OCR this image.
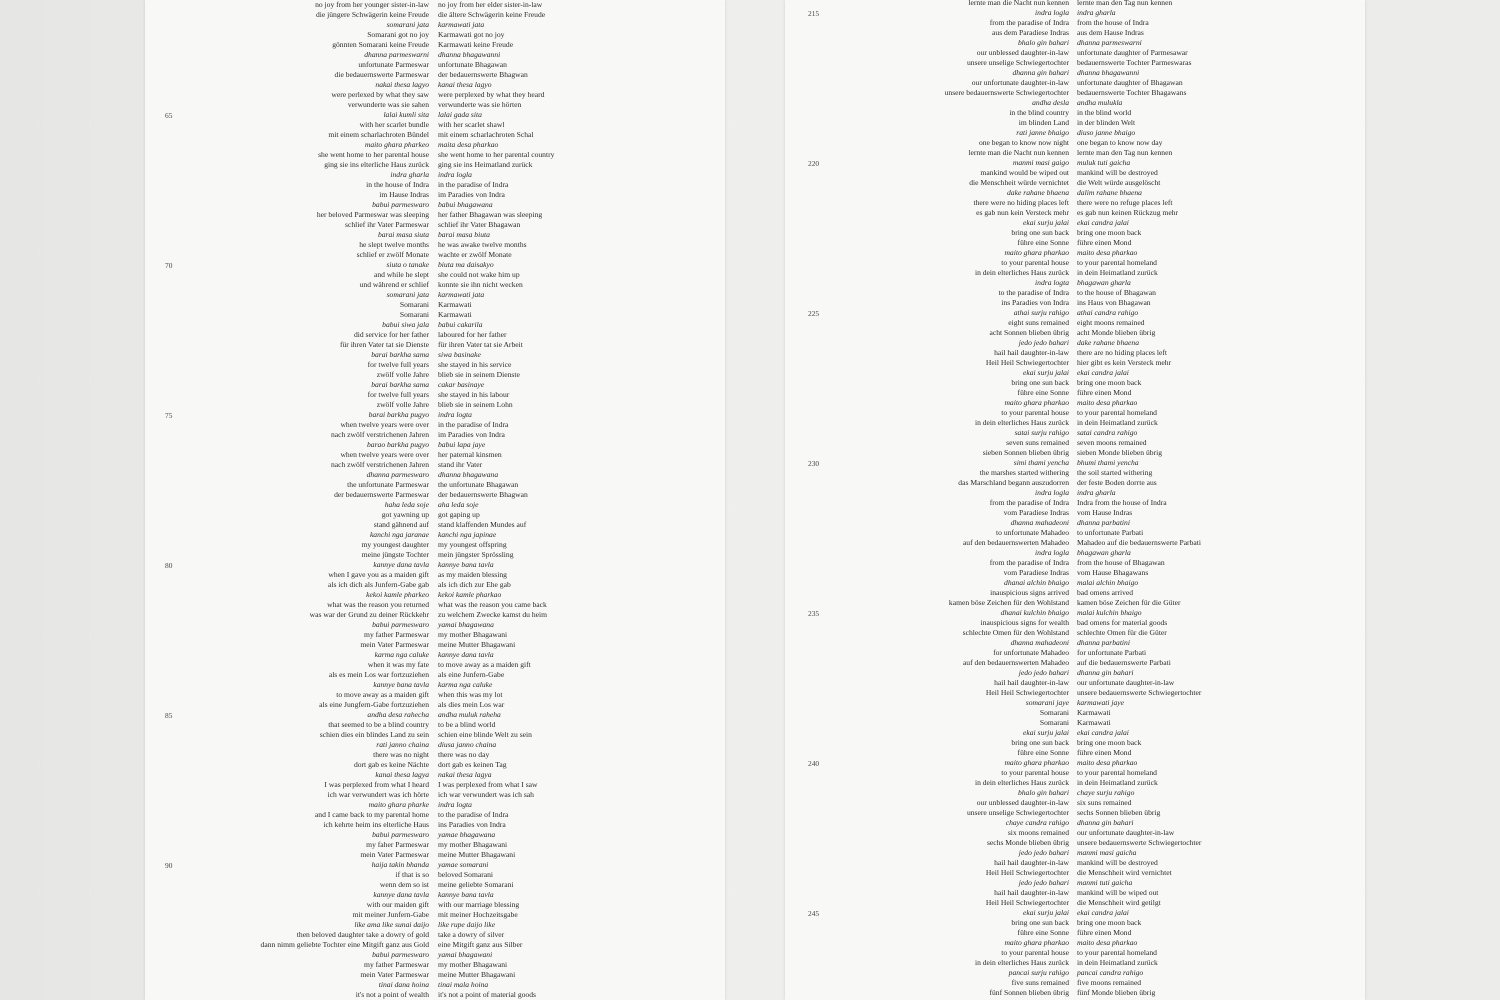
no joy from her younger sister-in-law no joy from her elder sister-in-law
die jüngere Schwägerin keine Freude die ältere Schwägerin keine Freude
somarani jata karmawati jata
Somarani got no joy Karmawati got no joy
gönnten Somarani keine Freude Karmawati keine Freude
dhanna parmeswarni dhanna bhagawanni
unfortunate Parmeswar unfortunate Bhagawan
die bedauernswerte Parmeswar der bedauernswerte Bhagwan
nakai thesa lagyo kanai thesa lagyo
were perlexed by what they saw were perplexed by what they heard
verwunderte was sie sahen verwunderte was sie hörten
lalai kumli sita lalai gada sita
with her scarlet bundle with her scarlet shawl
mit einem scharlachroten Bündel mit einem scharlachroten Schal
maito ghara pharkeo maita desa pharkao
she went home to her parental house she went home to her parental country
ging sie ins elterliche Haus zurück ging sie ins Heimatland zurück
indra gharla indra logla
in the house of Indra in the paradise of Indra
im Hause Indras im Paradies von Indra
babui parmeswaro babui bhagawana
her beloved Parmeswar was sleeping her father Bhagawan was sleeping
schlief ihr Vater Parmeswar schlief ihr Vater Bhagawan
barai masa siuta barai masa biuta
he slept twelve months he was awake twelve months
schlief er zwölf Monate wachte er zwölf Monate
siuta o tanake biuta ma daisakyo
and while he slept she could not wake him up
und während er schlief konnte sie ihn nicht wecken
somarani jata karmawati jata
Somarani Karmawati
Somarani Karmawati
babui siwa jala babui cakarila
did service for her father laboured for her father
für ihren Vater tat sie Dienste für ihren Vater tat sie Arbeit
barai barkha sama siwa basinake
for twelve full years she stayed in his service
zwölf volle Jahre blieb sie in seinem Dienste
barai barkha sama cakar basinaye
for twelve full years she stayed in his labour
zwölf volle Jahre blieb sie in seinem Lohn
barai barkha pugyo indra logta
when twelve years were over in the paradise of Indra
nach zwölf verstrichenen Jahren im Paradies von Indra
barao barkha pugyo babui lapa jaye
when twelve years were over her paternal kinsmen
nach zwölf verstrichenen Jahren stand ihr Vater
dhanna parmeswaro dhanna bhagawana
the unfortunate Parmeswar the unfortunate Bhagawan
der bedauernswerte Parmeswar der bedauernswerte Bhagwan
haha leda soje aha leda soje
got yawning up got gaping up
stand gähnend auf stand klaffenden Mundes auf
kanchi nga jaranae kanchi nga japinae
my youngest daughter my youngest offspring
meine jüngste Tochter mein jüngster Sprössling
kannye dana tavla kannye bana tavla
when I gave you as a maiden gift as my maiden blessing
als ich dich als Junfern-Gabe gab als ich dich zur Ehe gab
kekoi kamle pharkeo kekoi kamle pharkao
what was the reason you returned what was the reason you came back
was war der Grund zu deiner Rückkehr zu welchem Zwecke kamst du heim
babui parmeswaro yamai bhagawana
my father Parmeswar my mother Bhagawani
mein Vater Parmeswar meine Mutter Bhagawani
karma nga caluke kannye dana tavla
when it was my fate to move away as a maiden gift
als es mein Los war fortzuziehen als eine Junfern-Gabe
kannye bana tavla karma nga caluke
to move away as a maiden gift when this was my lot
als eine Jungfern-Gabe fortzuziehen als dies mein Los war
andha desa rahecha andha muluk raheha
that seemed to be a blind country to be a blind world
schien dies ein blindes Land zu sein schien eine blinde Welt zu sein
rati janno chaina diusa janno chaina
there was no night there was no day
dort gab es keine Nächte dort gab es keinen Tag
kanai thesa lagya nakai thesa lagya
I was perplexed from what I heard I was perplexed from what I saw
ich war verwundert was ich hörte ich war verwundert was ich sah
maito ghara pharke indra logta
and I came back to my parental home to the paradise of Indra
ich kehrte heim ins elterliche Haus ins Paradies von Indra
babui parmeswaro yamae bhagawana
my faher Parmeswar my mother Bhagawani
mein Vater Parmeswar meine Mutter Bhagawani
haija takin bhanda yamae somarani
if that is so beloved Somarani
wenn dem so ist meine geliebte Somarani
kannye dana tavla kannye bana tavla
with our maiden gift with our marriage blessing
mit meiner Junfern-Gabe mit meiner Hochzeitsgabe
like ama like sunai daijo like rupe daijo like
then beloved daughter take a dowry of gold take a dowry of silver
dann nimm geliebte Tochter eine Mitgift ganz aus Gold eine Mitgift ganz aus Silber
babui parmeswaro yamai bhagawani
my father Parmeswar my mother Bhagawani
mein Vater Parmeswar meine Mutter Bhagawani
tinai dana hoina tinai mala hoina
it's not a point of wealth it's not a point of material goods
65
70
75
80
85
90
lernte man die Nacht nun kennen lernte man den Tag nun kennen
indra logla indra gharla
from the paradise of Indra from the house of Indra
aus dem Paradiese Indras aus dem Hause Indras
bhalo gin bahari dhanna parmeswarni
our unblessed daughter-in-law unfortunate daughter of Parmesawar
unsere unselige Schwiegertochter bedauernswerte Tochter Parmeswaras
dhanna gin bahari dhanna bhagawanni
our unfortunate daughter-in-law unfortunate daughter of Bhagawan
unsere bedauernswerte Schwiegertochter bedauernswerte Tochter Bhagawans
andha desla andha mulukla
in the blind country in the blind world
im blinden Land in der blinden Welt
rati janne bhaigo diuso janne bhaigo
one began to know now night one began to know now day
lernte man die Nacht nun kennen lernte man den Tag nun kennen
manmi masi gaigo muluk tuti gaicha
mankind would be wiped out mankind will be destroyed
die Menschheit würde vernichtet die Welt würde ausgelöscht
dake rahane bhaena dalim rahane bhaena
there were no hiding places left there were no refuge places left
es gab nun kein Versteck mehr es gab nun keinen Rückzug mehr
ekai surju jalai ekai candra jalai
bring one sun back bring one moon back
führe eine Sonne führe einen Mond
maito ghara pharkao maito desa pharkao
to your parental house to your parental homeland
in dein elterliches Haus zurück in dein Heimatland zurück
indra logta bhagawan gharla
to the paradise of Indra to the house of Bhagawan
ins Paradies von Indra ins Haus von Bhagawan
athai surju rahigo athai candra rahigo
eight suns remained eight moons remained
acht Sonnen blieben übrig acht Monde blieben übrig
jedo jedo bahari dake rahane bhaena
hail hail daughter-in-law there are no hiding places left
Heil Heil Schwiegertochter hier gibt es kein Versteck mehr
ekai surju jalai ekai candra jalai
bring one sun back bring one moon back
führe eine Sonne führe einen Mond
maito ghara pharkao maito desa pharkao
to your parental house to your parental homeland
in dein elterliches Haus zurück in dein Heimatland zurück
satai surju rahigo satai candra rahigo
seven suns remained seven moons remained
sieben Sonnen blieben übrig sieben Monde blieben übrig
simi thami yencha bhumi thami yencha
the marshes started withering the soil started withering
das Marschland begann auszudorren der feste Boden dorrte aus
indra logla indra gharla
from the paradise of Indra Indra from the house of Indra
vom Paradiese Indras vom Hause Indras
dhanna mahadeoni dhanna parbatini
to unfortunate Mahadeo to unfortunate Parbati
auf den bedauernswerten Mahadeo Mahadeo auf die bedauernswerte Parbati
indra logla bhagawan gharla
from the paradise of Indra from the house of Bhagawan
vom Paradiese Indras vom Hause Bhagawans
dhanai alchin bhaigo malai alchin bhaigo
inauspicious signs arrived bad omens arrived
kamen böse Zeichen für den Wohlstand kamen böse Zeichen für die Güter
dhanai kulchin bhaigo malai kulchin bhaigo
inauspicious signs for wealth bad omens for material goods
schlechte Omen für den Wohlstand schlechte Omen für die Güter
dhanna mahadeoni dhanna parbatini
for unfortunate Mahadeo for unfortunate Parbati
auf den bedauernswerten Mahadeo auf die bedauernswerte Parbati
jedo jedo bahari dhanna gin bahari
hail hail daughter-in-law our unfortunate daughter-in-law
Heil Heil Schwiegertochter unsere bedauernswerte Schwiegertochter
somarani jaye karmawati jaye
Somarani Karmawati
Somarani Karmawati
ekai surju jalai ekai candra jalai
bring one sun back bring one moon back
führe eine Sonne führe einen Mond
maito ghara pharkao maito desa pharkao
to your parental house to your parental homeland
in dein elterliches Haus zurück in dein Heimatland zurück
bhalo gin bahari chaye surju rahigo
our unblessed daughter-in-law six suns remained
unsere unselige Schwiegertochter sechs Sonnen blieben übrig
chaye candra rahigo dhanna gin bahari
six moons remained our unfortunate daughter-in-law
sechs Monde blieben übrig unsere bedauernswerte Schwiegertochter
jedo jedo bahari manmi masi gaicha
hail hail daughter-in-law mankind will be destroyed
Heil Heil Schwiegertochter die Menschheit wird vernichtet
jedo jedo bahari manmi tuti gaicha
hail hail daughter-in-law mankind will be wiped out
Heil Heil Schwiegertochter die Menschheit wird getilgt
ekai surju jalai ekai candra jalai
bring one sun back bring one moon back
führe eine Sonne führe einen Mond
maito ghara pharkao maito desa pharkao
to your parental house to your parental homeland
in dein elterliches Haus zurück in dein Heimatland zurück
pancai surju rahigo pancai candra rahigo
five suns remained five moons remained
fünf Sonnen blieben übrig fünf Monde blieben übrig
215
220
225
230
235
240
245
